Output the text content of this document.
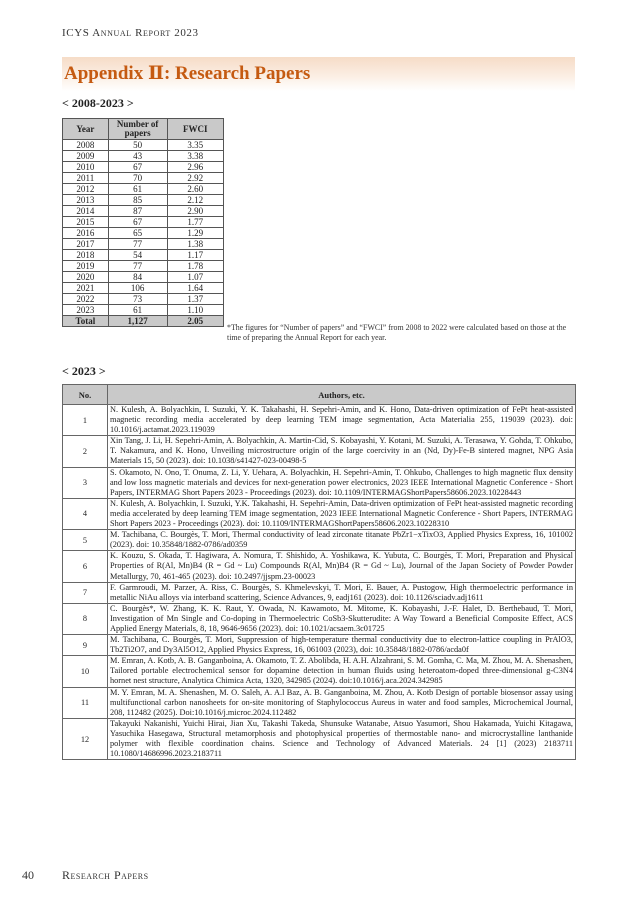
ICYS Annual Report 2023
Appendix Ⅱ: Research Papers
< 2008-2023 >
Year	Number of papers	FWCI
2008	50	3.35
2009	43	3.38
2010	67	2.96
2011	70	2.92
2012	61	2.60
2013	85	2.12
2014	87	2.90
2015	67	1.77
2016	65	1.29
2017	77	1.38
2018	54	1.17
2019	77	1.78
2020	84	1.07
2021	106	1.64
2022	73	1.37
2023	61	1.10
Total	1,127	2.05
*The figures for “Number of papers” and “FWCI” from 2008 to 2022 were calculated based on those at the time of preparing the Annual Report for each year.
< 2023 >
No.	Authors, etc.
1	N. Kulesh, A. Bolyachkin, I. Suzuki, Y. K. Takahashi, H. Sepehri-Amin, and K. Hono, Data-driven optimization of FePt heat-assisted magnetic recording media accelerated by deep learning TEM image segmentation, Acta Materialia 255, 119039 (2023). doi: 10.1016/j.actamat.2023.119039
2	Xin Tang, J. Li, H. Sepehri-Amin, A. Bolyachkin, A. Martin-Cid, S. Kobayashi, Y. Kotani, M. Suzuki, A. Terasawa, Y. Gohda, T. Ohkubo, T. Nakamura, and K. Hono, Unveiling microstructure origin of the large coercivity in an (Nd, Dy)-Fe-B sintered magnet, NPG Asia Materials 15, 50 (2023). doi: 10.1038/s41427-023-00498-5
3	S. Okamoto, N. Ono, T. Onuma, Z. Li, Y. Uehara, A. Bolyachkin, H. Sepehri-Amin, T. Ohkubo, Challenges to high magnetic flux density and low loss magnetic materials and devices for next-generation power electronics, 2023 IEEE International Magnetic Conference - Short Papers, INTERMAG Short Papers 2023 - Proceedings (2023). doi: 10.1109/INTERMAGShortPapers58606.2023.10228443
4	N. Kulesh, A. Bolyachkin, I. Suzuki, Y.K. Takahashi, H. Sepehri-Amin, Data-driven optimization of FePt heat-assisted magnetic recording media accelerated by deep learning TEM image segmentation, 2023 IEEE International Magnetic Conference - Short Papers, INTERMAG Short Papers 2023 - Proceedings (2023). doi: 10.1109/INTERMAGShortPapers58606.2023.10228310
5	M. Tachibana, C. Bourgès, T. Mori, Thermal conductivity of lead zirconate titanate PbZr1−xTixO3, Applied Physics Express, 16, 101002 (2023). doi: 10.35848/1882-0786/ad0359
6	K. Kouzu, S. Okada, T. Hagiwara, A. Nomura, T. Shishido, A. Yoshikawa, K. Yubuta, C. Bourgès, T. Mori, Preparation and Physical Properties of R(Al, Mn)B4 (R = Gd ~ Lu) Compounds R(Al, Mn)B4 (R = Gd ~ Lu), Journal of the Japan Society of Powder Powder Metallurgy, 70, 461-465 (2023). doi: 10.2497/jjspm.23-00023
7	F. Garmroudi, M. Parzer, A. Riss, C. Bourgès, S. Khmelevskyi, T. Mori, E. Bauer, A. Pustogow, High thermoelectric performance in metallic NiAu alloys via interband scattering, Science Advances, 9, eadj161 (2023). doi: 10.1126/sciadv.adj1611
8	C. Bourgès*, W. Zhang, K. K. Raut, Y. Owada, N. Kawamoto, M. Mitome, K. Kobayashi, J.-F. Halet, D. Berthebaud, T. Mori, Investigation of Mn Single and Co-doping in Thermoelectric CoSb3-Skutterudite: A Way Toward a Beneficial Composite Effect, ACS Applied Energy Materials, 8, 18, 9646-9656 (2023). doi: 10.1021/acsaem.3c01725
9	M. Tachibana, C. Bourgès, T. Mori, Suppression of high-temperature thermal conductivity due to electron-lattice coupling in PrAlO3, Tb2Ti2O7, and Dy3Al5O12, Applied Physics Express, 16, 061003 (2023), doi: 10.35848/1882-0786/acda0f
10	M. Emran, A. Kotb, A. B. Ganganboina, A. Okamoto, T. Z. Abolibda, H. A.H. Alzahrani, S. M. Gomha, C. Ma, M. Zhou, M. A. Shenashen, Tailored portable electrochemical sensor for dopamine detection in human fluids using heteroatom-doped three-dimensional g-C3N4 hornet nest structure, Analytica Chimica Acta, 1320, 342985 (2024). doi:10.1016/j.aca.2024.342985
11	M. Y. Emran, M. A. Shenashen, M. O. Saleh, A. A.l Baz, A. B. Ganganboina, M. Zhou, A. Kotb Design of portable biosensor assay using multifunctional carbon nanosheets for on-site monitoring of Staphylococcus Aureus in water and food samples, Microchemical Journal, 208, 112482 (2025). Doi:10.1016/j.microc.2024.112482
12	Takayuki Nakanishi, Yuichi Hirai, Jian Xu, Takashi Takeda, Shunsuke Watanabe, Atsuo Yasumori, Shou Hakamada, Yuichi Kitagawa, Yasuchika Hasegawa, Structural metamorphosis and photophysical properties of thermostable nano- and microcrystalline lanthanide polymer with flexible coordination chains. Science and Technology of Advanced Materials. 24 [1] (2023) 2183711 10.1080/14686996.2023.2183711
40 Research Papers
